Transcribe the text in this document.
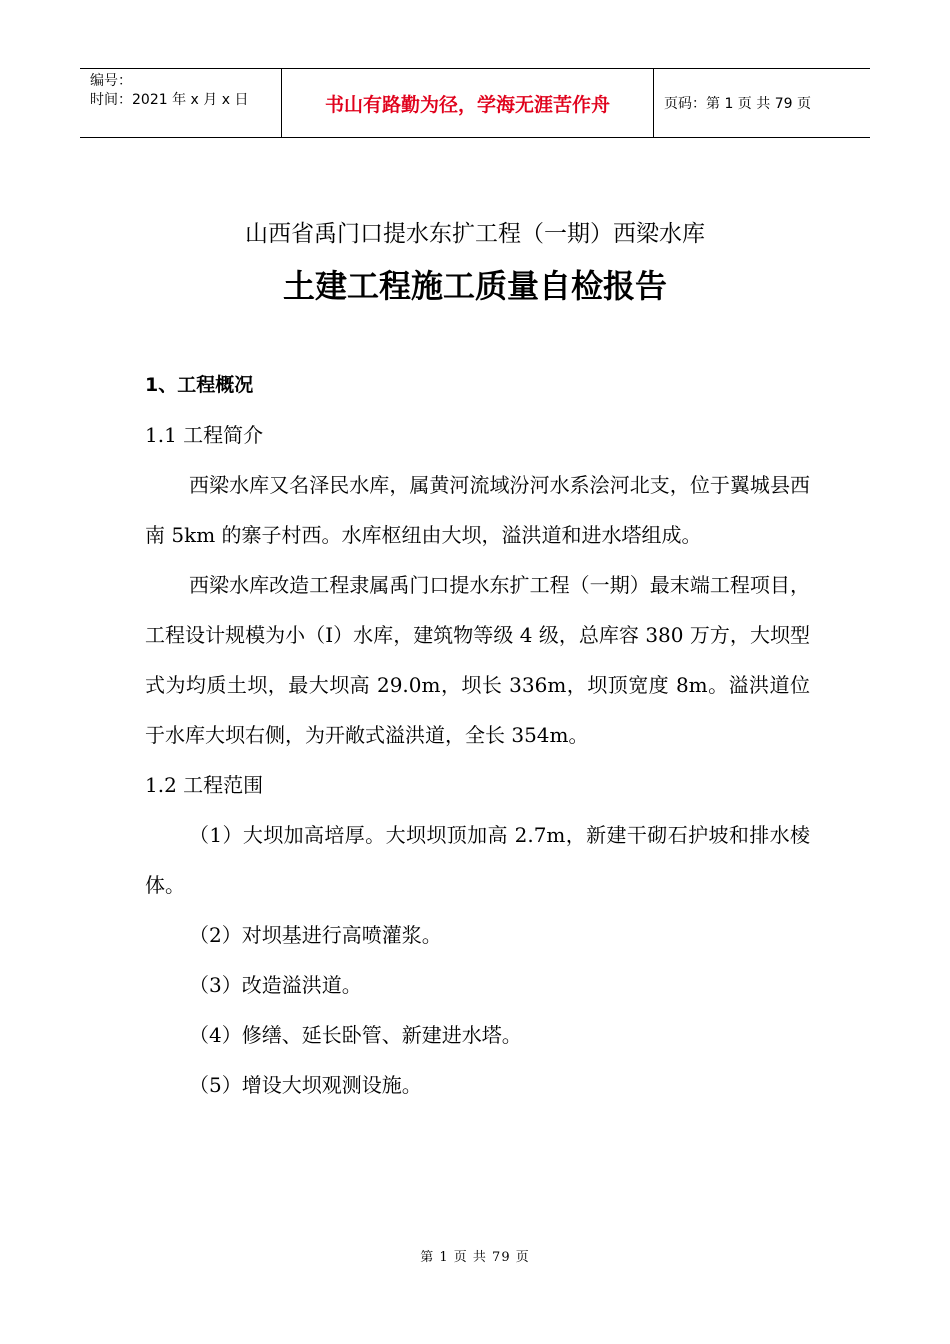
编号：
时间：2021 年 x 月 x 日	书山有路勤为径，学海无涯苦作舟	页码：第 1 页 共 79 页
山西省禹门口提水东扩工程（一期）西梁水库
土建工程施工质量自检报告

1、工程概况

1.1 工程简介

西梁水库又名泽民水库，属黄河流域汾河水系浍河北支，位于翼城县西南 5km 的寨子村西。水库枢纽由大坝，溢洪道和进水塔组成。

西梁水库改造工程隶属禹门口提水东扩工程（一期）最末端工程项目，工程设计规模为小（Ⅰ）水库，建筑物等级 4 级，总库容 380 万方，大坝型式为均质土坝，最大坝高 29.0m，坝长 336m，坝顶宽度 8m。溢洪道位于水库大坝右侧，为开敞式溢洪道，全长 354m。

1.2 工程范围

（1）大坝加高培厚。大坝坝顶加高 2.7m，新建干砌石护坡和排水棱体。

（2）对坝基进行高喷灌浆。

（3）改造溢洪道。

（4）修缮、延长卧管、新建进水塔。

（5）增设大坝观测设施。

第 1 页 共 79 页
